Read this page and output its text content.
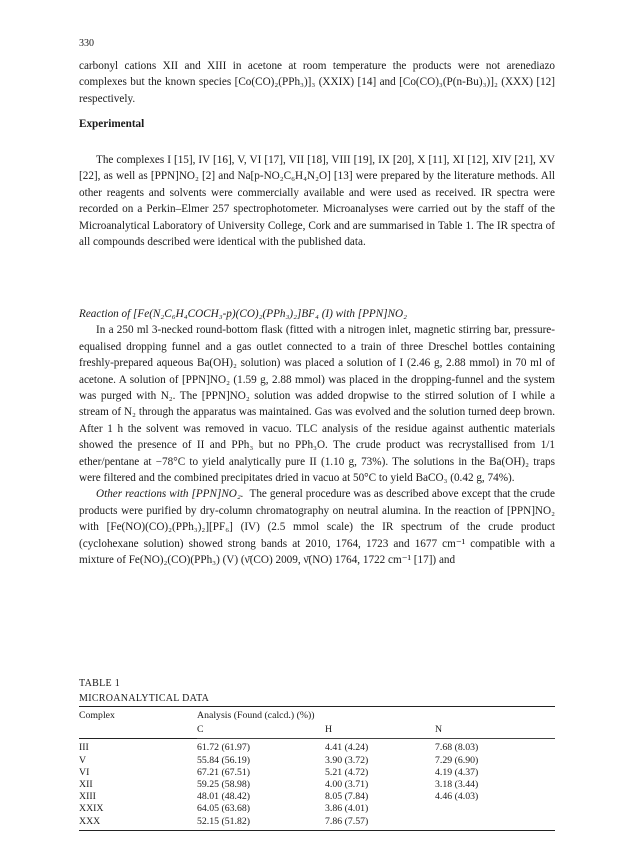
330

carbonyl cations XII and XIII in acetone at room temperature the products were not arenediazo complexes but the known species [Co(CO)₂(PPh₃)]₃ (XXIX) [14] and [Co(CO)₃(P(n-Bu)₃)]₂ (XXX) [12] respectively.

Experimental

The complexes I [15], IV [16], V, VI [17], VII [18], VIII [19], IX [20], X [11], XI [12], XIV [21], XV [22], as well as [PPN]NO₂ [2] and Na[p-NO₂C₆H₄N₂O] [13] were prepared by the literature methods. All other reagents and solvents were commercially available and were used as received. IR spectra were recorded on a Perkin–Elmer 257 spectrophotometer. Microanalyses were carried out by the staff of the Microanalytical Laboratory of University College, Cork and are summarised in Table 1. The IR spectra of all compounds described were identical with the published data.

Reaction of [Fe(N₂C₆H₄COCH₃-p)(CO)₂(PPh₃)₂]BF₄ (I) with [PPN]NO₂

In a 250 ml 3-necked round-bottom flask (fitted with a nitrogen inlet, magnetic stirring bar, pressure-equalised dropping funnel and a gas outlet connected to a train of three Dreschel bottles containing freshly-prepared aqueous Ba(OH)₂ solution) was placed a solution of I (2.46 g, 2.88 mmol) in 70 ml of acetone. A solution of [PPN]NO₂ (1.59 g, 2.88 mmol) was placed in the dropping-funnel and the system was purged with N₂. The [PPN]NO₂ solution was added dropwise to the stirred solution of I while a stream of N₂ through the apparatus was maintained. Gas was evolved and the solution turned deep brown. After 1 h the solvent was removed in vacuo. TLC analysis of the residue against authentic materials showed the presence of II and PPh₃ but no PPh₃O. The crude product was recrystallised from 1/1 ether/pentane at −78°C to yield analytically pure II (1.10 g, 73%). The solutions in the Ba(OH)₂ traps were filtered and the combined precipitates dried in vacuo at 50°C to yield BaCO₃ (0.42 g, 74%).

Other reactions with [PPN]NO₂. The general procedure was as described above except that the crude products were purified by dry-column chromatography on neutral alumina. In the reaction of [PPN]NO₂ with [Fe(NO)(CO)₂(PPh₃)₂][PF₆] (IV) (2.5 mmol scale) the IR spectrum of the crude product (cyclohexane solution) showed strong bands at 2010, 1764, 1723 and 1677 cm⁻¹ compatible with a mixture of Fe(NO)₂(CO)(PPh₃) (V) (ν̄(CO) 2009, ν̄(NO) 1764, 1722 cm⁻¹ [17]) and

TABLE 1

MICROANALYTICAL DATA

Complex	Analysis (Found (calcd.) (%))		
	C	H	N
III	61.72 (61.97)	4.41 (4.24)	7.68 (8.03)
V	55.84 (56.19)	3.90 (3.72)	7.29 (6.90)
VI	67.21 (67.51)	5.21 (4.72)	4.19 (4.37)
XII	59.25 (58.98)	4.00 (3.71)	3.18 (3.44)
XIII	48.01 (48.42)	8.05 (7.84)	4.46 (4.03)
XXIX	64.05 (63.68)	3.86 (4.01)	
XXX	52.15 (51.82)	7.86 (7.57)	
